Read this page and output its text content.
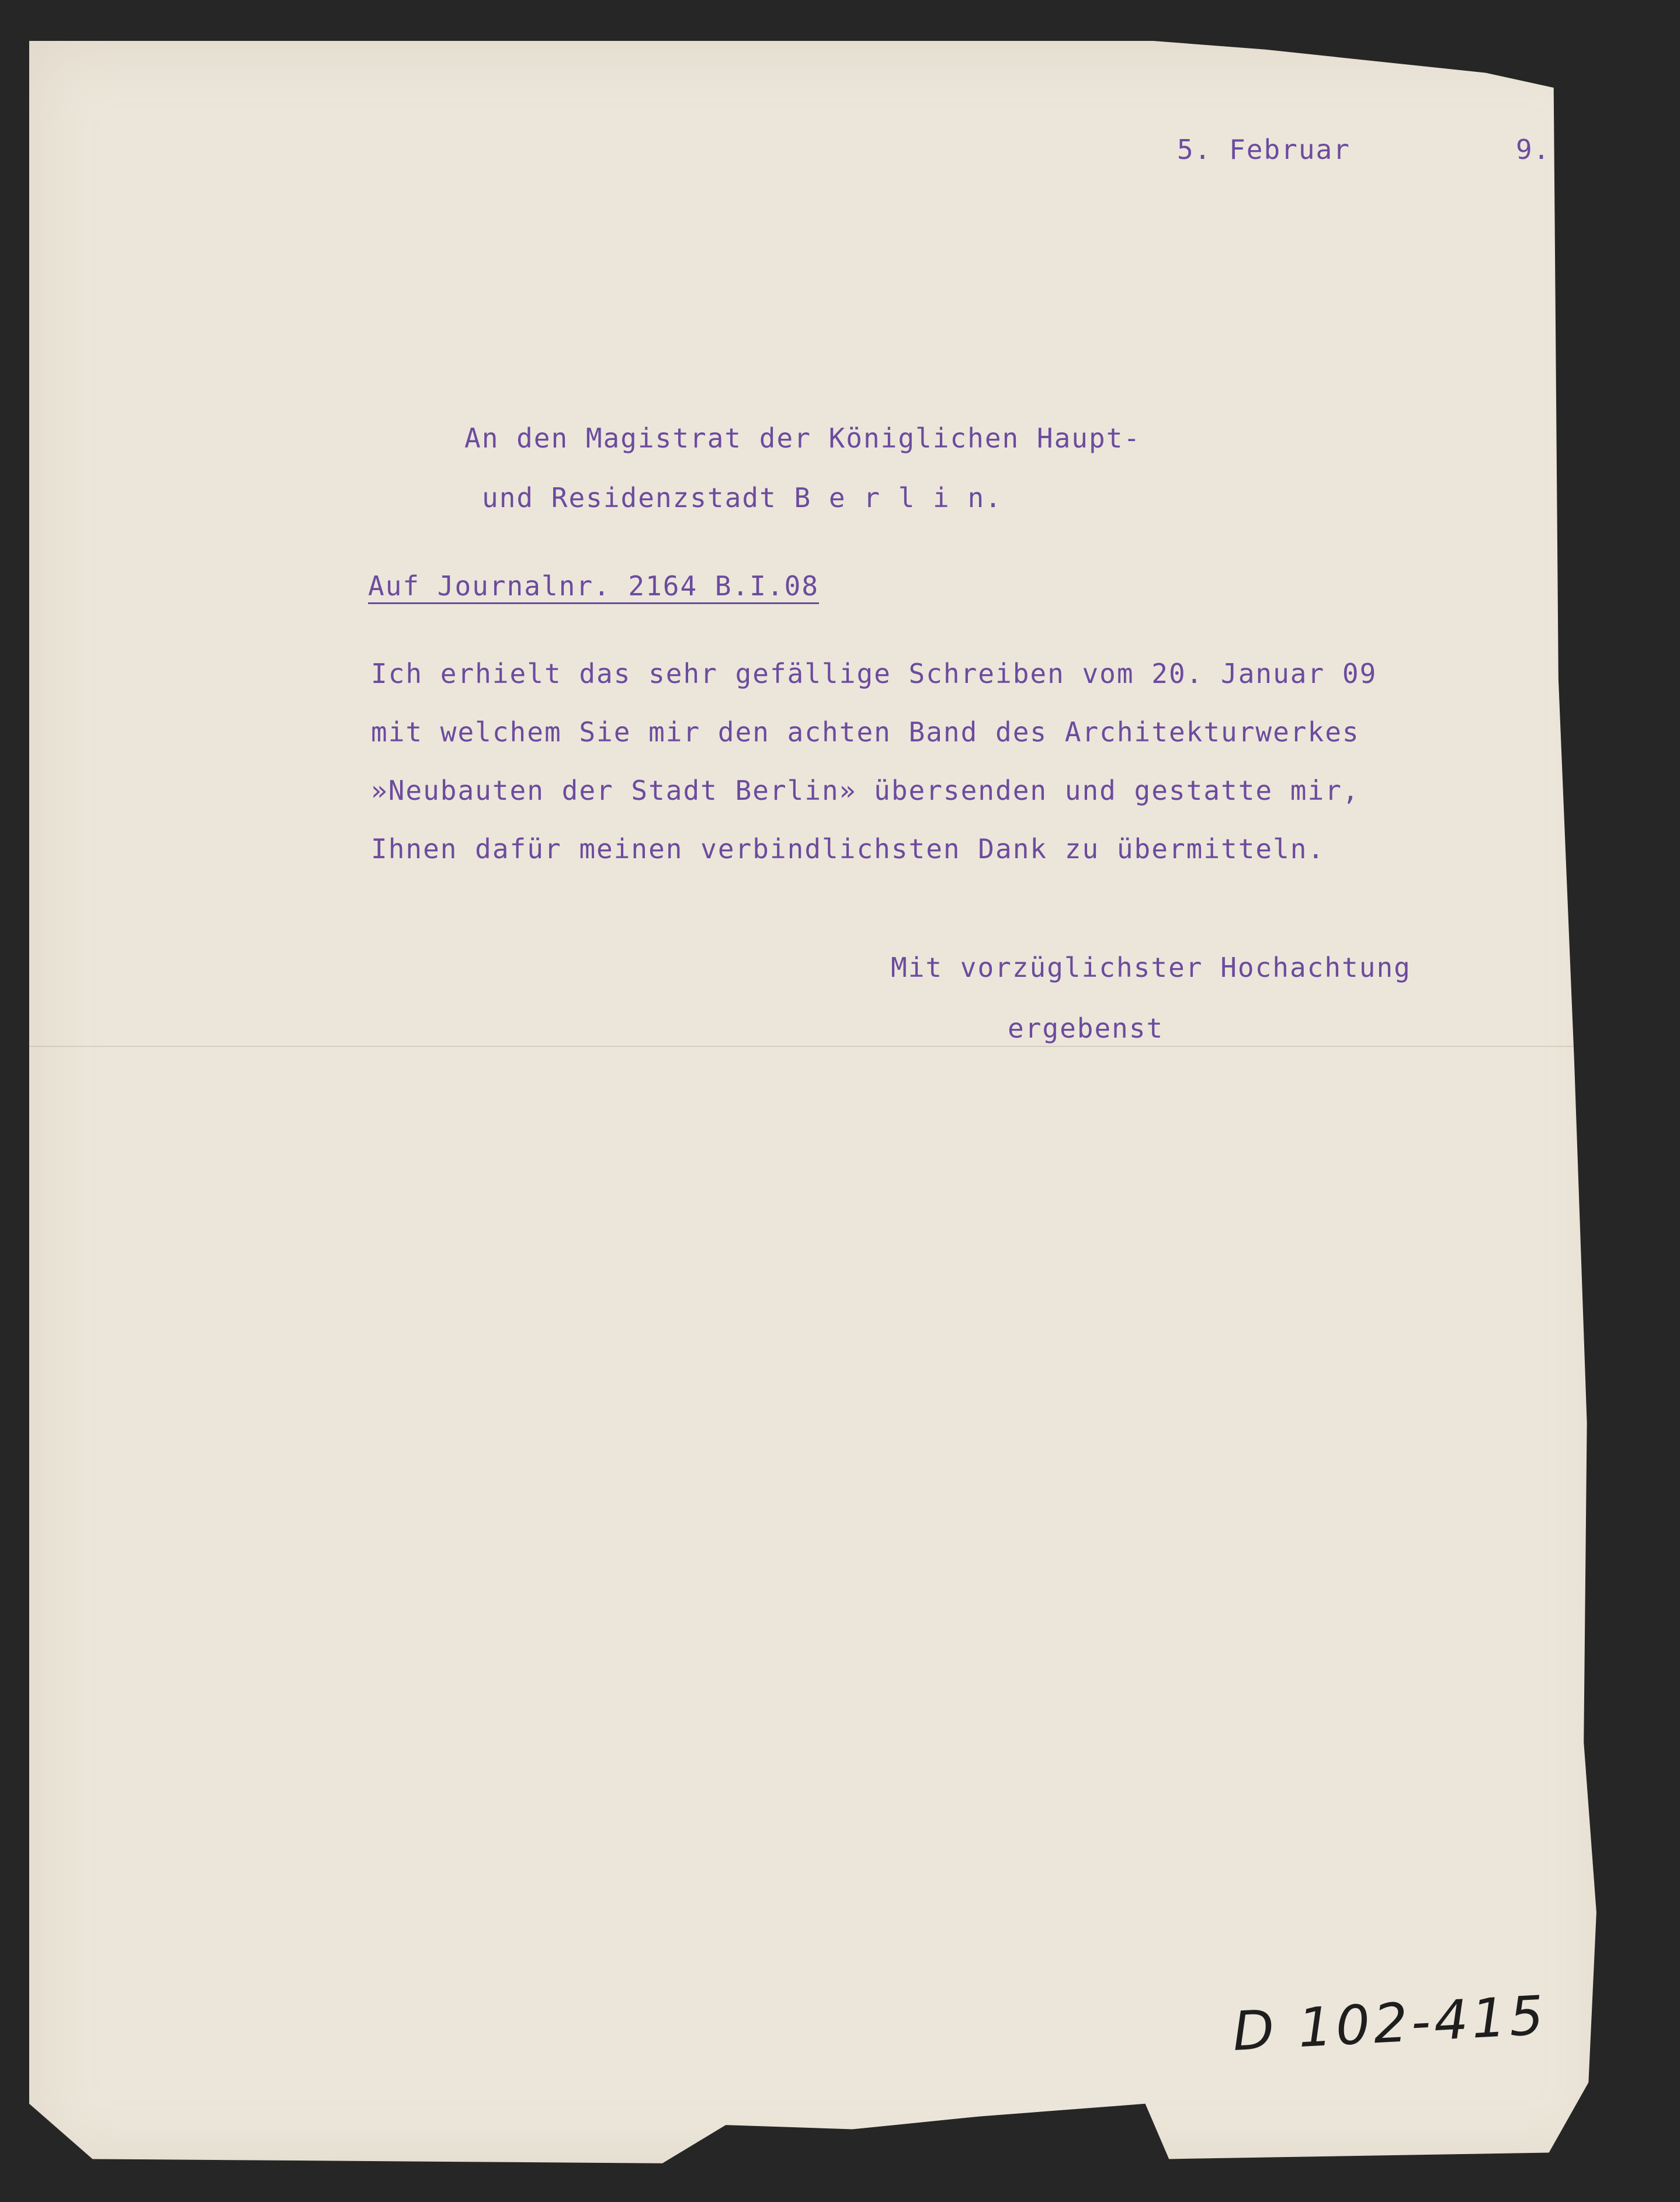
5. Februar	9.
An den Magistrat der Königlichen Haupt-
und Residenzstadt B e r l i n.
Auf Journalnr. 2164 B.I.08
Ich erhielt das sehr gefällige Schreiben vom 20. Januar 09
mit welchem Sie mir den achten Band des Architekturwerkes
»Neubauten der Stadt Berlin» übersenden und gestatte mir,
Ihnen dafür meinen verbindlichsten Dank zu übermitteln.
Mit vorzüglichster Hochachtung
ergebenst
D 102-415
